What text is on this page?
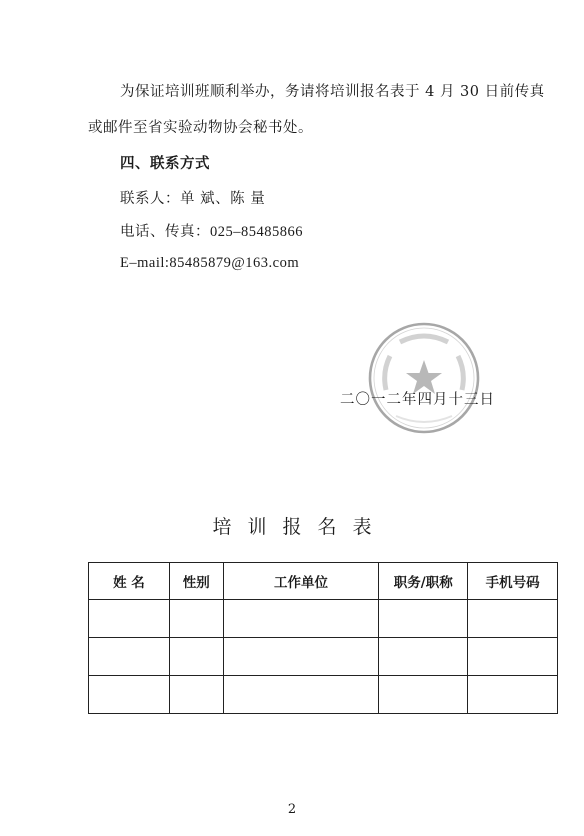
为保证培训班顺利举办，务请将培训报名表于 4 月 30 日前传真
或邮件至省实验动物协会秘书处。
四、联系方式
联系人：单 斌、陈 量
电话、传真：025–85485866
E–mail:85485879@163.com
二〇一二年四月十三日
培训报名表
姓 名	性别	工作单位	职务/职称	手机号码

2
